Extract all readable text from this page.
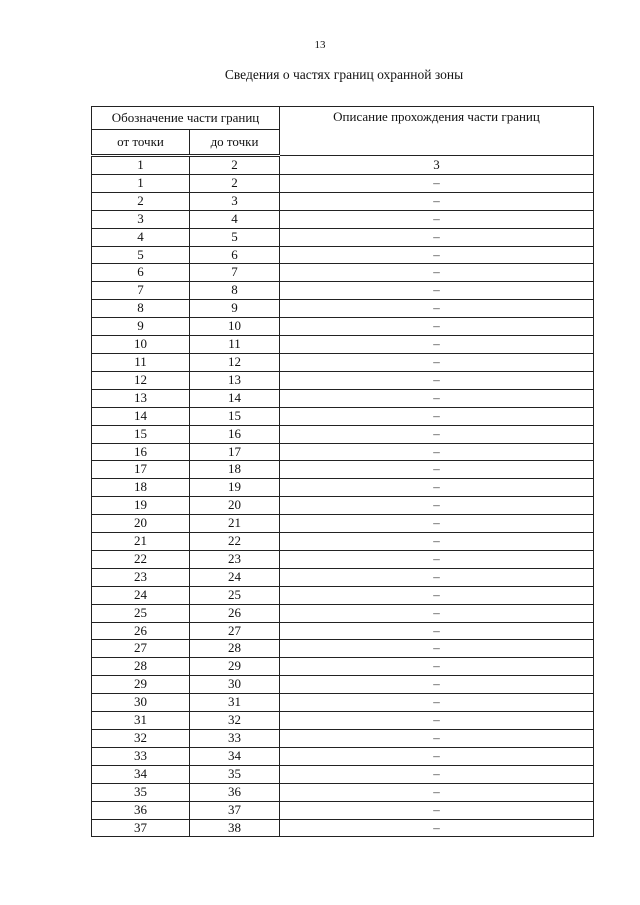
13
Сведения о частях границ охранной зоны
Обозначение части границ		Описание прохождения части границ
от точки	до точки	
1	2	3
1	2	–
2	3	–
3	4	–
4	5	–
5	6	–
6	7	–
7	8	–
8	9	–
9	10	–
10	11	–
11	12	–
12	13	–
13	14	–
14	15	–
15	16	–
16	17	–
17	18	–
18	19	–
19	20	–
20	21	–
21	22	–
22	23	–
23	24	–
24	25	–
25	26	–
26	27	–
27	28	–
28	29	–
29	30	–
30	31	–
31	32	–
32	33	–
33	34	–
34	35	–
35	36	–
36	37	–
37	38	–
